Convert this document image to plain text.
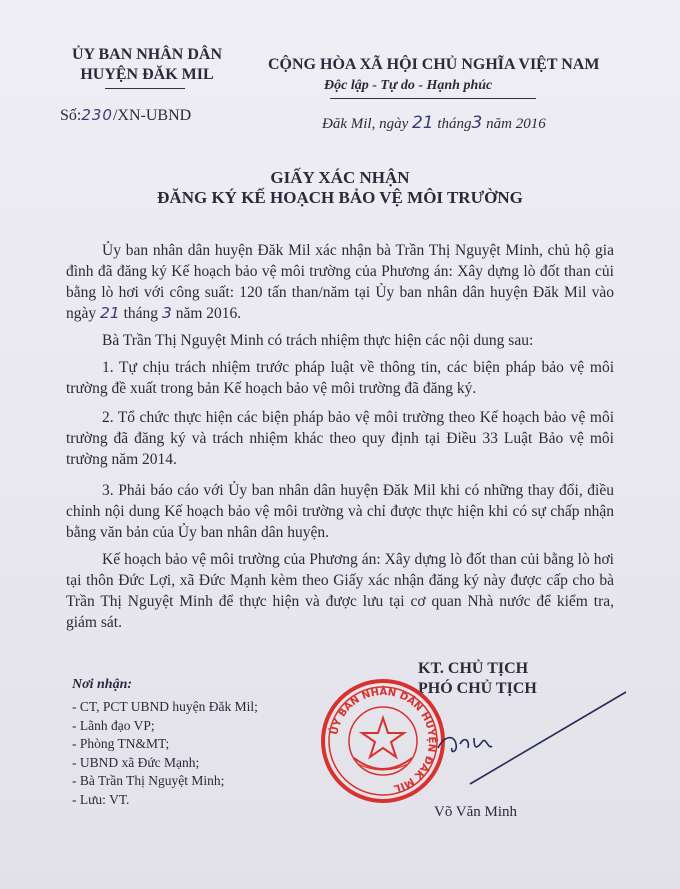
ỦY BAN NHÂN DÂN
HUYỆN ĐĂK MIL
Số:230/XN-UBND
CỘNG HÒA XÃ HỘI CHỦ NGHĨA VIỆT NAM
Độc lập - Tự do - Hạnh phúc
Đăk Mil, ngày 21 tháng3 năm 2016
GIẤY XÁC NHẬN
ĐĂNG KÝ KẾ HOẠCH BẢO VỆ MÔI TRƯỜNG

Ủy ban nhân dân huyện Đăk Mil xác nhận bà Trần Thị Nguyệt Minh, chủ hộ gia đình đã đăng ký Kế hoạch bảo vệ môi trường của Phương án: Xây dựng lò đốt than củi bằng lò hơi với công suất: 120 tấn than/năm tại Ủy ban nhân dân huyện Đăk Mil vào ngày 21 tháng 3 năm 2016.

Bà Trần Thị Nguyệt Minh có trách nhiệm thực hiện các nội dung sau:

1. Tự chịu trách nhiệm trước pháp luật về thông tin, các biện pháp bảo vệ môi trường đề xuất trong bản Kế hoạch bảo vệ môi trường đã đăng ký.

2. Tổ chức thực hiện các biện pháp bảo vệ môi trường theo Kế hoạch bảo vệ môi trường đã đăng ký và trách nhiệm khác theo quy định tại Điều 33 Luật Bảo vệ môi trường năm 2014.

3. Phải báo cáo với Ủy ban nhân dân huyện Đăk Mil khi có những thay đổi, điều chỉnh nội dung Kế hoạch bảo vệ môi trường và chỉ được thực hiện khi có sự chấp nhận bằng văn bản của Ủy ban nhân dân huyện.

Kế hoạch bảo vệ môi trường của Phương án: Xây dựng lò đốt than củi bằng lò hơi tại thôn Đức Lợi, xã Đức Mạnh kèm theo Giấy xác nhận đăng ký này được cấp cho bà Trần Thị Nguyệt Minh để thực hiện và được lưu tại cơ quan Nhà nước để kiểm tra, giám sát.

Nơi nhận:
- CT, PCT UBND huyện Đăk Mil;
- Lãnh đạo VP;
- Phòng TN&MT;
- UBND xã Đức Mạnh;
- Bà Trần Thị Nguyệt Minh;
- Lưu: VT.
KT. CHỦ TỊCH
PHÓ CHỦ TỊCH
ỦY BAN NHÂN DÂN HUYỆN ĐĂK MIL
Võ Văn Minh
